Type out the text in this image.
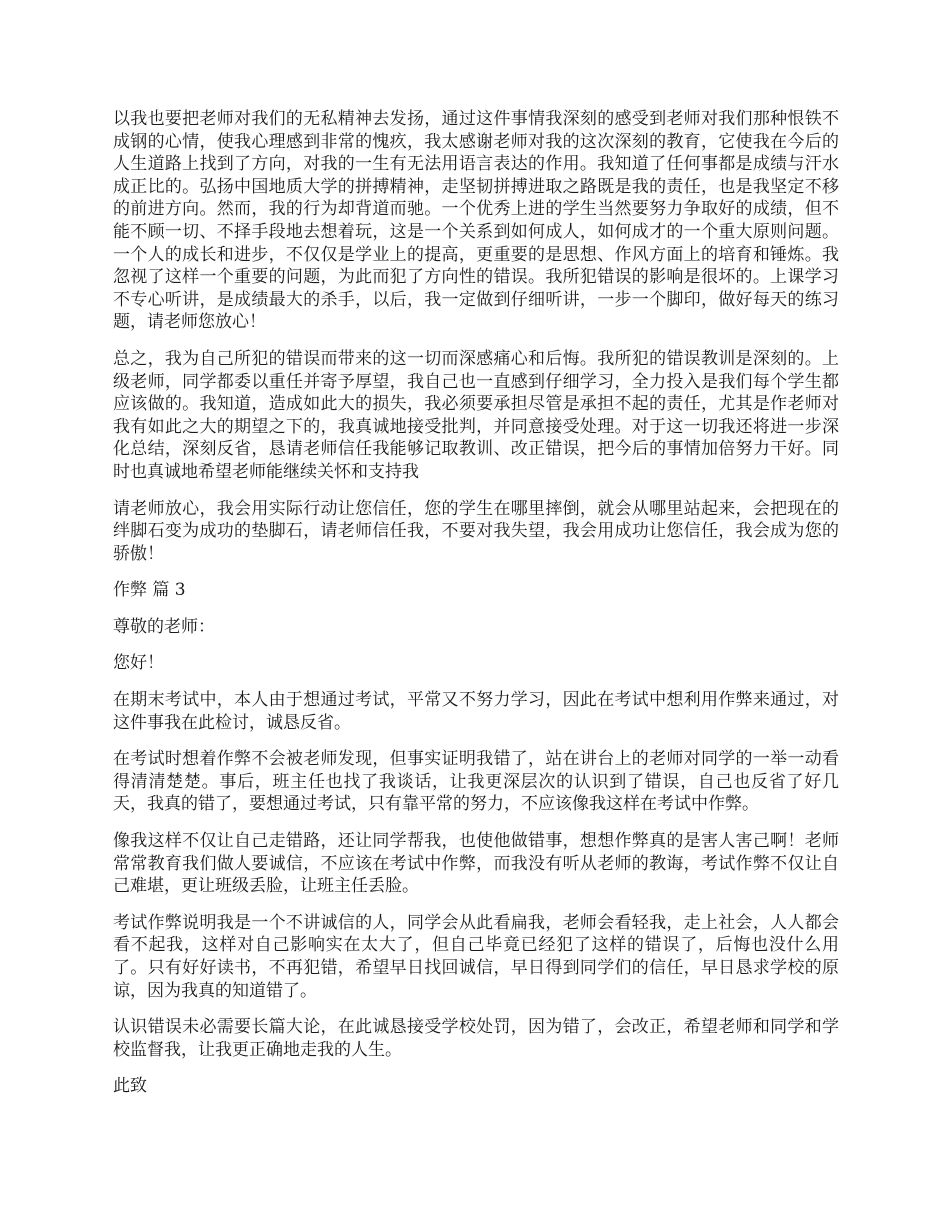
以我也要把老师对我们的无私精神去发扬，通过这件事情我深刻的感受到老师对我们那种恨铁不成钢的心情，使我心理感到非常的愧疚，我太感谢老师对我的这次深刻的教育，它使我在今后的人生道路上找到了方向，对我的一生有无法用语言表达的作用。我知道了任何事都是成绩与汗水成正比的。弘扬中国地质大学的拼搏精神，走坚韧拼搏进取之路既是我的责任，也是我坚定不移的前进方向。然而，我的行为却背道而驰。一个优秀上进的学生当然要努力争取好的成绩，但不能不顾一切、不择手段地去想着玩，这是一个关系到如何成人，如何成才的一个重大原则问题。一个人的成长和进步，不仅仅是学业上的提高，更重要的是思想、作风方面上的培育和锤炼。我忽视了这样一个重要的问题，为此而犯了方向性的错误。我所犯错误的影响是很坏的。上课学习不专心听讲，是成绩最大的杀手，以后，我一定做到仔细听讲，一步一个脚印，做好每天的练习题，请老师您放心！

总之，我为自己所犯的错误而带来的这一切而深感痛心和后悔。我所犯的错误教训是深刻的。上级老师，同学都委以重任并寄予厚望，我自己也一直感到仔细学习，全力投入是我们每个学生都应该做的。我知道，造成如此大的损失，我必须要承担尽管是承担不起的责任，尤其是作老师对我有如此之大的期望之下的，我真诚地接受批判，并同意接受处理。对于这一切我还将进一步深化总结，深刻反省，恳请老师信任我能够记取教训、改正错误，把今后的事情加倍努力干好。同时也真诚地希望老师能继续关怀和支持我

请老师放心，我会用实际行动让您信任，您的学生在哪里摔倒，就会从哪里站起来，会把现在的绊脚石变为成功的垫脚石，请老师信任我，不要对我失望，我会用成功让您信任，我会成为您的骄傲！

作弊 篇 3

尊敬的老师：

您好！

在期末考试中，本人由于想通过考试，平常又不努力学习，因此在考试中想利用作弊来通过，对这件事我在此检讨，诚恳反省。

在考试时想着作弊不会被老师发现，但事实证明我错了，站在讲台上的老师对同学的一举一动看得清清楚楚。事后，班主任也找了我谈话，让我更深层次的认识到了错误，自己也反省了好几天，我真的错了，要想通过考试，只有靠平常的努力，不应该像我这样在考试中作弊。

像我这样不仅让自己走错路，还让同学帮我，也使他做错事，想想作弊真的是害人害己啊！老师常常教育我们做人要诚信，不应该在考试中作弊，而我没有听从老师的教诲，考试作弊不仅让自己难堪，更让班级丢脸，让班主任丢脸。

考试作弊说明我是一个不讲诚信的人，同学会从此看扁我，老师会看轻我，走上社会，人人都会看不起我，这样对自己影响实在太大了，但自己毕竟已经犯了这样的错误了，后悔也没什么用了。只有好好读书，不再犯错，希望早日找回诚信，早日得到同学们的信任，早日恳求学校的原谅，因为我真的知道错了。

认识错误未必需要长篇大论，在此诚恳接受学校处罚，因为错了，会改正，希望老师和同学和学校监督我，让我更正确地走我的人生。

此致
